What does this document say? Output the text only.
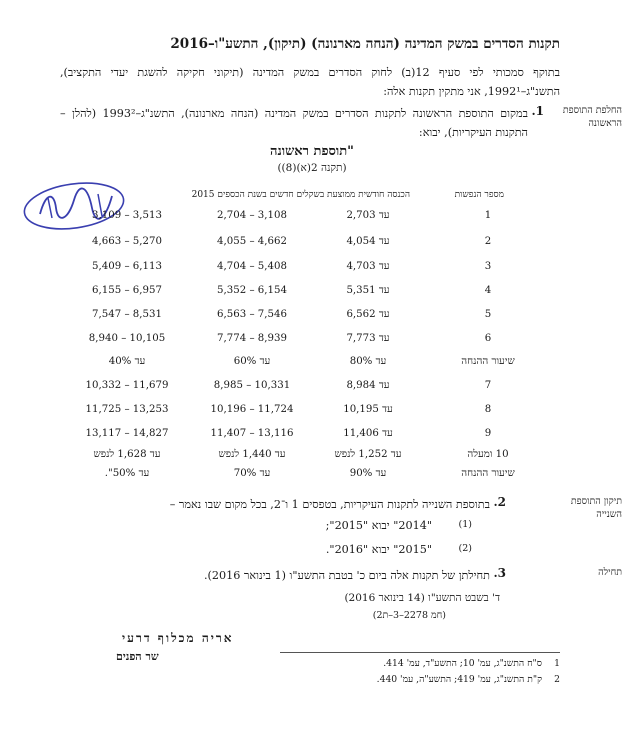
תקנות הסדרים במשק המדינה (הנחה מארנונה) (תיקון), התשע"ו–2016
בתוקף סמכותי לפי סעיף 12(ב) לחוק הסדרים במשק המדינה (תיקוני חקיקה להשגת יעדי התקציב), התשנ"ג–1992¹, אני מתקין תקנות אלה:
החלפת התוספת הראשונה
1.
במקום התוספת הראשונה לתקנות הסדרים במשק המדינה (הנחה מארנונה), התשנ"ג–1993² (להלן – התקנות העיקריות), יבוא:
"תוספת ראשונה
(תקנה 2(א)(8))
מספר הנפשות
הכנסה חודשית ממוצעת בשקלים חדשים בשנת הכספים 2015
1
עד 2,703
3,108 – 2,704
3,513 – 3,109
2
עד 4,054
4,662 – 4,055
5,270 – 4,663
3
עד 4,703
5,408 – 4,704
6,113 – 5,409
4
עד 5,351
6,154 – 5,352
6,957 – 6,155
5
עד 6,562
7,546 – 6,563
8,531 – 7,547
6
עד 7,773
8,939 – 7,774
10,105 – 8,940
שיעור ההנחה
עד 80%
עד 60%
עד 40%
7
עד 8,984
10,331 – 8,985
11,679 – 10,332
8
עד 10,195
11,724 – 10,196
13,253 – 11,725
9
עד 11,406
13,116 – 11,407
14,827 – 13,117
10 ומעלה
עד 1,252 לנפש
עד 1,440 לנפש
עד 1,628 לנפש
שיעור ההנחה
עד 90%
עד 70%
עד 50%".
תיקון התוספת השנייה
2.
בתוספת השנייה לתקנות העיקריות, בטפסים 1 ו־2, בכל מקום שבו נאמר –
(1)
"2014" יבוא "2015";
(2)
"2015" יבוא "2016".
תחילה
3.
תחילתן של תקנות אלה ביום כ' בטבת התשע"ו (1 בינואר 2016).
ד' בשבט התשע"ו (14 בינואר 2016)
(חמ 2278–3–ת2)
אריה מכלוף דרעי
שר הפנים
1
ס"ח התשנ"ג, עמ' 10; התשע"ד, עמ' 414.
2
ק"ת התשנ"ג, עמ' 419; התשע"ה, עמ' 440.
